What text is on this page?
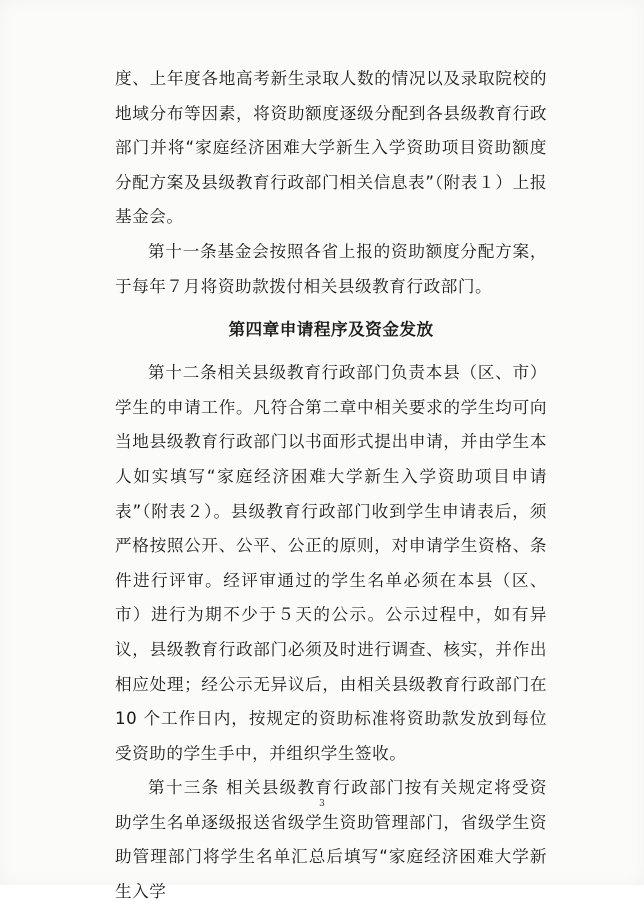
度、上年度各地高考新生录取人数的情况以及录取院校的地域分布等因素，将资助额度逐级分配到各县级教育行政部门并将“家庭经济困难大学新生入学资助项目资助额度分配方案及县级教育行政部门相关信息表”（附表１）上报基金会。

第十一条基金会按照各省上报的资助额度分配方案，于每年７月将资助款拨付相关县级教育行政部门。

第四章申请程序及资金发放

第十二条相关县级教育行政部门负责本县（区、市）学生的申请工作。凡符合第二章中相关要求的学生均可向当地县级教育行政部门以书面形式提出申请，并由学生本人如实填写“家庭经济困难大学新生入学资助项目申请表”（附表２）。县级教育行政部门收到学生申请表后，须严格按照公开、公平、公正的原则，对申请学生资格、条件进行评审。经评审通过的学生名单必须在本县（区、市）进行为期不少于５天的公示。公示过程中，如有异议，县级教育行政部门必须及时进行调查、核实，并作出相应处理；经公示无异议后，由相关县级教育行政部门在 10 个工作日内，按规定的资助标准将资助款发放到每位受资助的学生手中，并组织学生签收。

第十三条 相关县级教育行政部门按有关规定将受资助学生名单逐级报送省级学生资助管理部门，省级学生资助管理部门将学生名单汇总后填写“家庭经济困难大学新生入学

3
